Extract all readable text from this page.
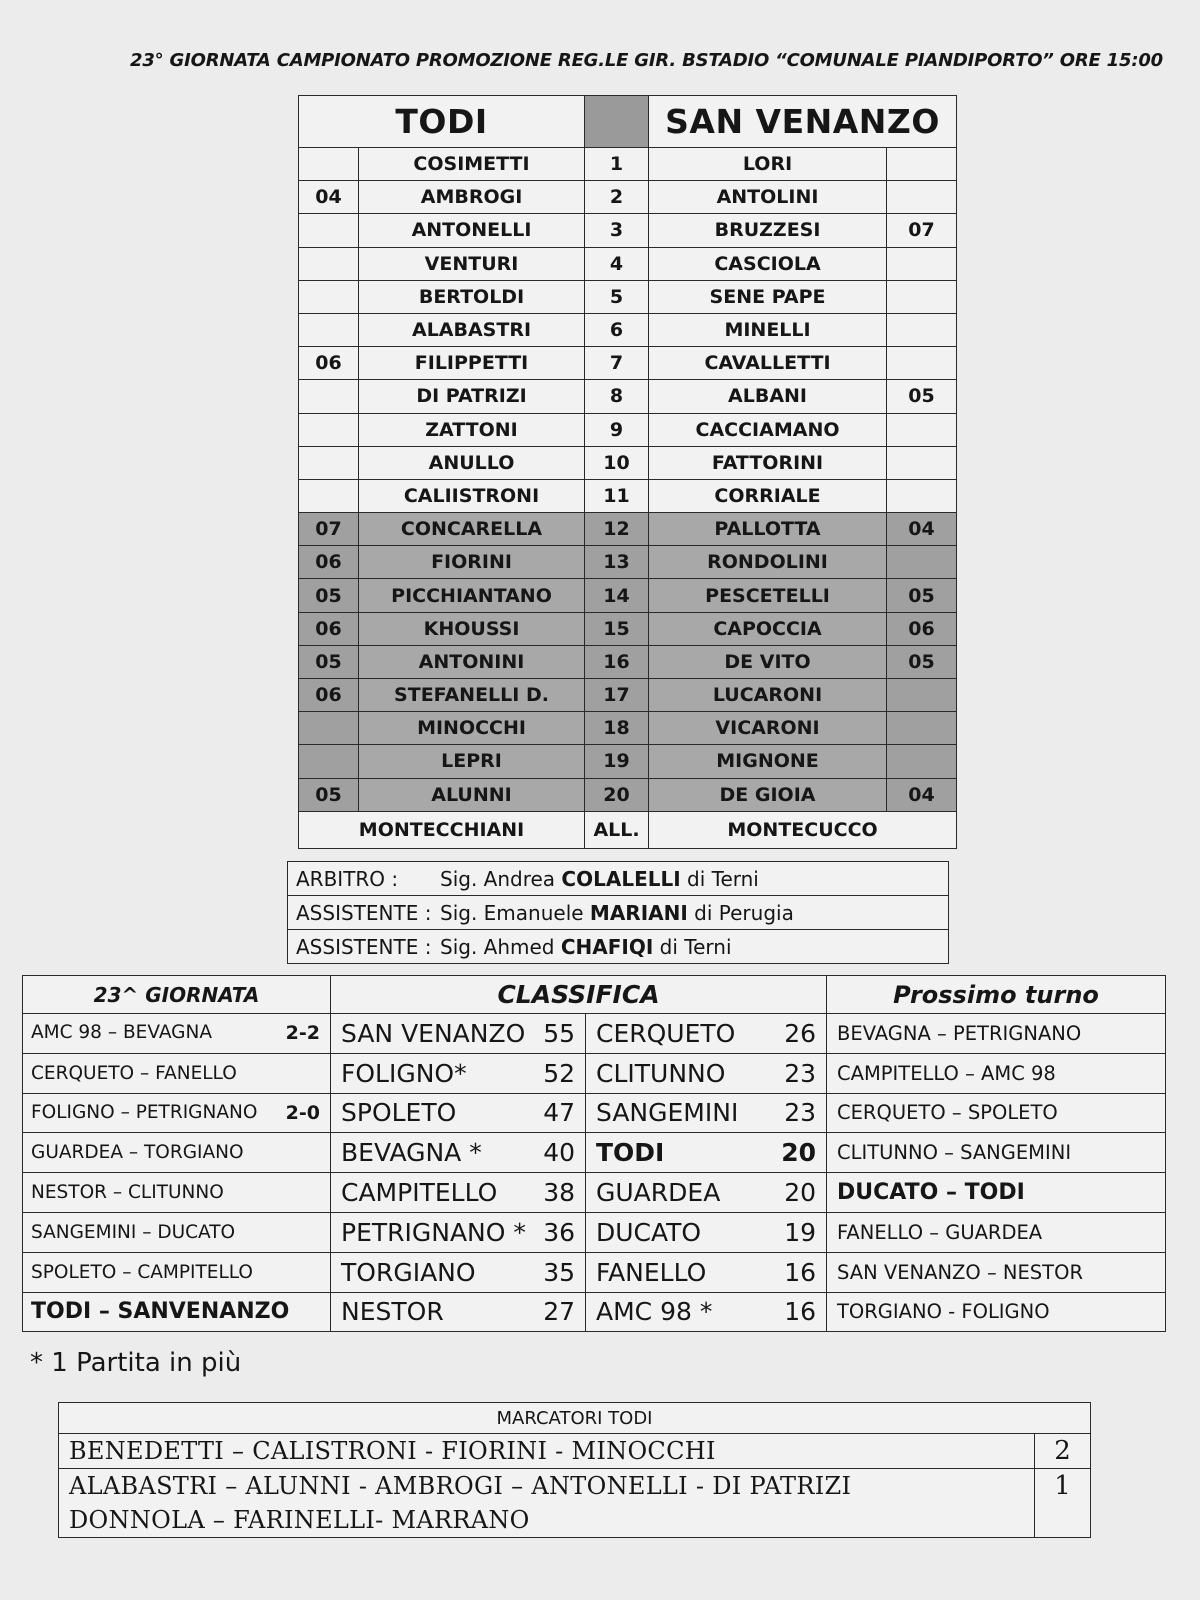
23° GIORNATA CAMPIONATO PROMOZIONE REG.LE GIR. BSTADIO “COMUNALE PIANDIPORTO” ORE 15:00
TODI			SAN VENANZO	
	COSIMETTI	1	LORI	
04	AMBROGI	2	ANTOLINI	
	ANTONELLI	3	BRUZZESI	07
	VENTURI	4	CASCIOLA	
	BERTOLDI	5	SENE PAPE	
	ALABASTRI	6	MINELLI	
06	FILIPPETTI	7	CAVALLETTI	
	DI PATRIZI	8	ALBANI	05
	ZATTONI	9	CACCIAMANO	
	ANULLO	10	FATTORINI	
	CALIISTRONI	11	CORRIALE	
07	CONCARELLA	12	PALLOTTA	04
06	FIORINI	13	RONDOLINI	
05	PICCHIANTANO	14	PESCETELLI	05
06	KHOUSSI	15	CAPOCCIA	06
05	ANTONINI	16	DE VITO	05
06	STEFANELLI D.	17	LUCARONI	
	MINOCCHI	18	VICARONI	
	LEPRI	19	MIGNONE	
05	ALUNNI	20	DE GIOIA	04
MONTECCHIANI		ALL.	MONTECUCCO	
ARBITRO : Sig. Andrea COLALELLI di Terni
ASSISTENTE : Sig. Emanuele MARIANI di Perugia
ASSISTENTE : Sig. Ahmed CHAFIQI di Terni
23^ GIORNATA	CLASSIFICA		Prossimo turno
AMC 98 – BEVAGNA 2-2	SAN VENANZO 55	CERQUETO 26	BEVAGNA – PETRIGNANO
CERQUETO – FANELLO	FOLIGNO* 52	CLITUNNO 23	CAMPITELLO – AMC 98
FOLIGNO – PETRIGNANO 2-0	SPOLETO 47	SANGEMINI 23	CERQUETO – SPOLETO
GUARDEA – TORGIANO	BEVAGNA * 40	TODI 20	CLITUNNO – SANGEMINI
NESTOR – CLITUNNO	CAMPITELLO 38	GUARDEA 20	DUCATO – TODI
SANGEMINI – DUCATO	PETRIGNANO * 36	DUCATO 19	FANELLO – GUARDEA
SPOLETO – CAMPITELLO	TORGIANO 35	FANELLO 16	SAN VENANZO – NESTOR
TODI – SANVENANZO	NESTOR 27	AMC 98 * 16	TORGIANO - FOLIGNO
* 1 Partita in più
MARCATORI TODI	

BENEDETTI – CALISTRONI - FIORINI - MINOCCHI	2

ALABASTRI – ALUNNI - AMBROGI – ANTONELLI - DI PATRIZI
DONNOLA – FARINELLI- MARRANO	1
